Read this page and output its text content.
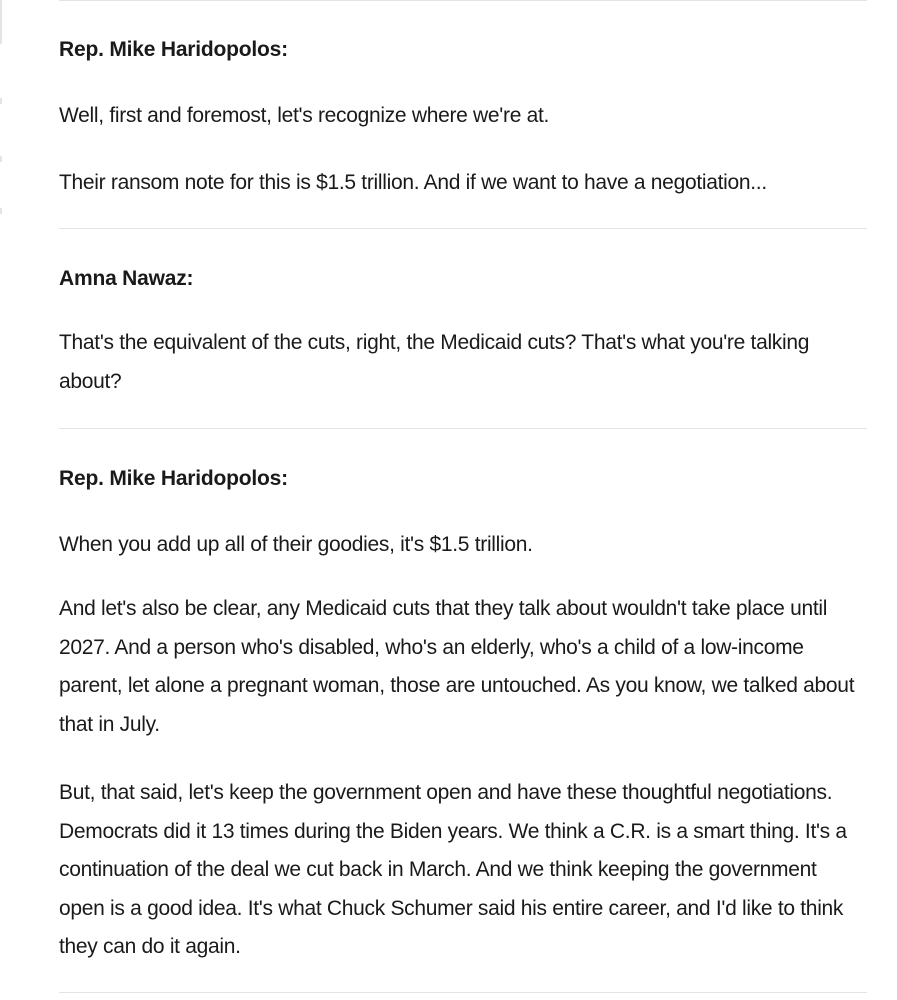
Rep. Mike Haridopolos:

Well, first and foremost, let's recognize where we're at.

Their ransom note for this is $1.5 trillion. And if we want to have a negotiation...

Amna Nawaz:

That's the equivalent of the cuts, right, the Medicaid cuts? That's what you're talking about?

Rep. Mike Haridopolos:

When you add up all of their goodies, it's $1.5 trillion.

And let's also be clear, any Medicaid cuts that they talk about wouldn't take place until 2027. And a person who's disabled, who's an elderly, who's a child of a low-income parent, let alone a pregnant woman, those are untouched. As you know, we talked about that in July.

But, that said, let's keep the government open and have these thoughtful negotiations. Democrats did it 13 times during the Biden years. We think a C.R. is a smart thing. It's a continuation of the deal we cut back in March. And we think keeping the government open is a good idea. It's what Chuck Schumer said his entire career, and I'd like to think they can do it again.
